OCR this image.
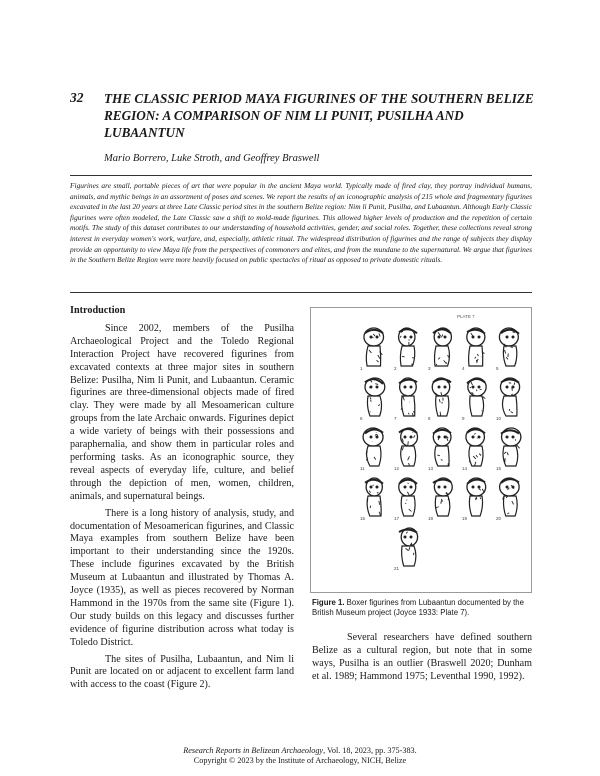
32 THE CLASSIC PERIOD MAYA FIGURINES OF THE SOUTHERN BELIZE REGION: A COMPARISON OF NIM LI PUNIT, PUSILHA AND LUBAANTUN
Mario Borrero, Luke Stroth, and Geoffrey Braswell
Figurines are small, portable pieces of art that were popular in the ancient Maya world. Typically made of fired clay, they portray individual humans, animals, and mythic beings in an assortment of poses and scenes. We report the results of an iconographic analysis of 215 whole and fragmentary figurines excavated in the last 20 years at three Late Classic period sites in the southern Belize region: Nim li Punit, Pusilha, and Lubaantun. Although Early Classic figurines were often modeled, the Late Classic saw a shift to mold-made figurines. This allowed higher levels of production and the repetition of certain motifs. The study of this dataset contributes to our understanding of household activities, gender, and social roles. Together, these collections reveal strong interest in everyday women's work, warfare, and, especially, athletic ritual. The widespread distribution of figurines and the range of subjects they display provide an opportunity to view Maya life from the perspectives of commoners and elites, and from the mundane to the supernatural. We argue that figurines in the Southern Belize Region were more heavily focused on public spectacles of ritual as opposed to private domestic rituals.
Introduction

Since 2002, members of the Pusilha Archaeological Project and the Toledo Regional Interaction Project have recovered figurines from excavated contexts at three major sites in southern Belize: Pusilha, Nim li Punit, and Lubaantun. Ceramic figurines are three-dimensional objects made of fired clay. They were made by all Mesoamerican culture groups from the late Archaic onwards. Figurines depict a wide variety of beings with their possessions and paraphernalia, and show them in particular roles and performing tasks. As an iconographic source, they reveal aspects of everyday life, culture, and belief through the depiction of men, women, children, animals, and supernatural beings.

There is a long history of analysis, study, and documentation of Mesoamerican figurines, and Classic Maya examples from southern Belize have been important to their understanding since the 1920s. These include figurines excavated by the British Museum at Lubaantun and illustrated by Thomas A. Joyce (1935), as well as pieces recovered by Norman Hammond in the 1970s from the same site (Figure 1). Our study builds on this legacy and discusses further evidence of figurine distribution across what today is Toledo District.

The sites of Pusilha, Lubaantun, and Nim li Punit are located on or adjacent to excellent farm land with access to the coast (Figure 2).

PLATE 7
1	2	3	4	5
6	7	8	9	10
11	12	13	14	15
16	17	18	19	20
21
Figure 1. Boxer figurines from Lubaantun documented by the British Museum project (Joyce 1933: Plate 7).

Several researchers have defined southern Belize as a cultural region, but note that in some ways, Pusilha is an outlier (Braswell 2020; Dunham et al. 1989; Hammond 1975; Leventhal 1990, 1992).

Research Reports in Belizean Archaeology, Vol. 18, 2023, pp. 375-383.
Copyright © 2023 by the Institute of Archaeology, NICH, Belize
